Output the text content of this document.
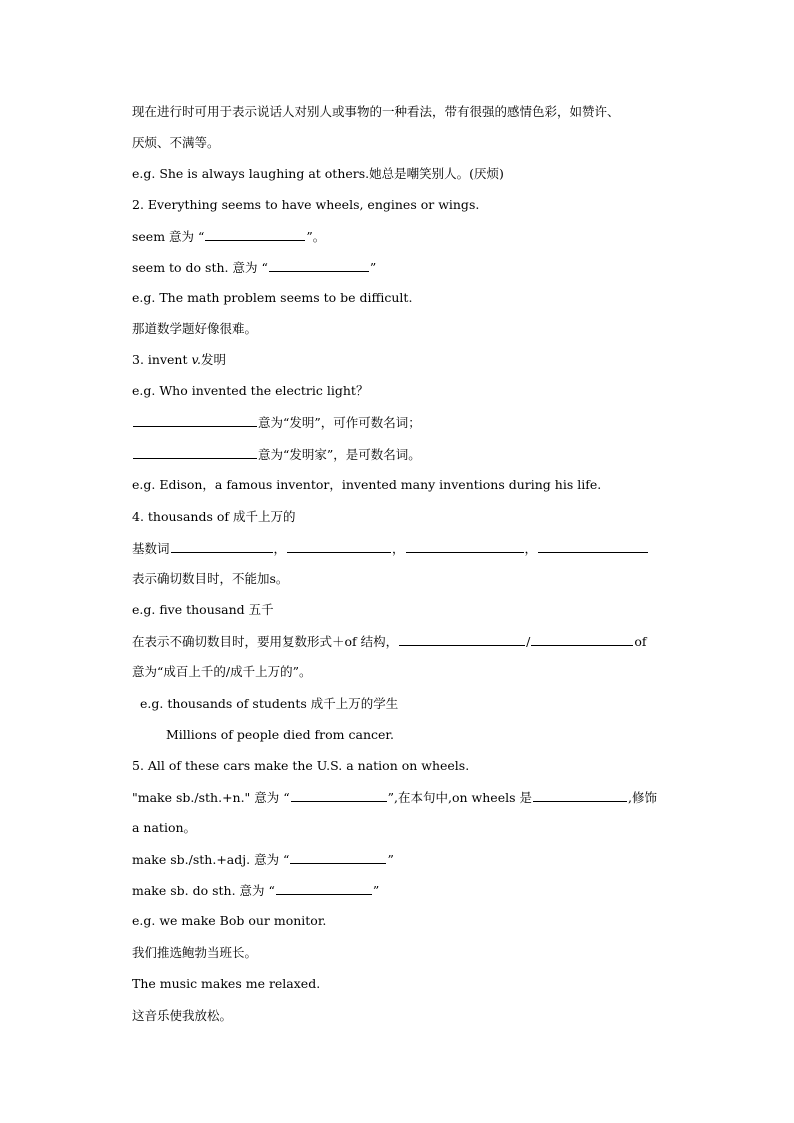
现在进行时可用于表示说话人对别人或事物的一种看法，带有很强的感情色彩，如赞许、
厌烦、不满等。
e.g. She is always laughing at others.她总是嘲笑别人。(厌烦)
2. Everything seems to have wheels, engines or wings.
seem 意为 “	”。
seem to do sth. 意为 “	”
e.g. The math problem seems to be difficult.
那道数学题好像很难。
3. invent v.发明
e.g. Who invented the electric light？
意为“发明”，可作可数名词；
意为“发明家”，是可数名词。
e.g. Edison，a famous inventor，invented many inventions during his life.
4. thousands of 成千上万的
基数词	，	，	，
表示确切数目时，不能加s。
e.g. five thousand 五千
在表示不确切数目时，要用复数形式＋of 结构，	/	of
意为“成百上千的/成千上万的”。
e.g. thousands of students 成千上万的学生
Millions of people died from cancer.
5. All of these cars make the U.S. a nation on wheels.
"make sb./sth.+n." 意为 “	”,在本句中,on wheels 是	,修饰
a nation。
make sb./sth.+adj. 意为 “	”
make sb. do sth. 意为 “	”
e.g. we make Bob our monitor.
我们推选鲍勃当班长。
The music makes me relaxed.
这音乐使我放松。
